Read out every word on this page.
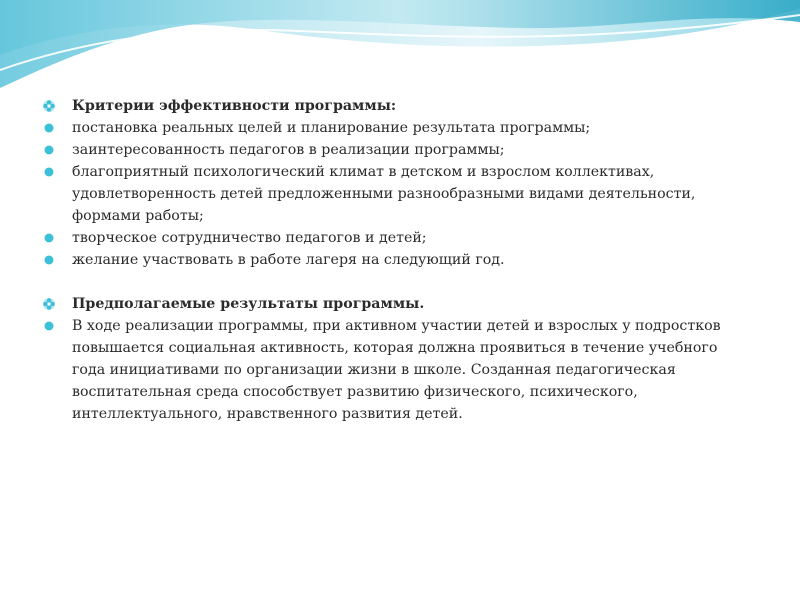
Критерии эффективности программы:
постановка реальных целей и планирование результата программы;
заинтересованность педагогов в реализации программы;
благоприятный психологический климат в детском и взрослом коллективах, удовлетворенность детей предложенными разнообразными видами деятельности, формами работы;
творческое сотрудничество педагогов и детей;
желание участвовать в работе лагеря на следующий год.
Предполагаемые результаты программы.
В ходе реализации программы, при активном участии детей и взрослых у подростков повышается социальная активность, которая должна проявиться в течение учебного года инициативами по организации жизни в школе. Созданная педагогическая воспитательная среда способствует развитию физического, психического, интеллектуального, нравственного развития детей.
